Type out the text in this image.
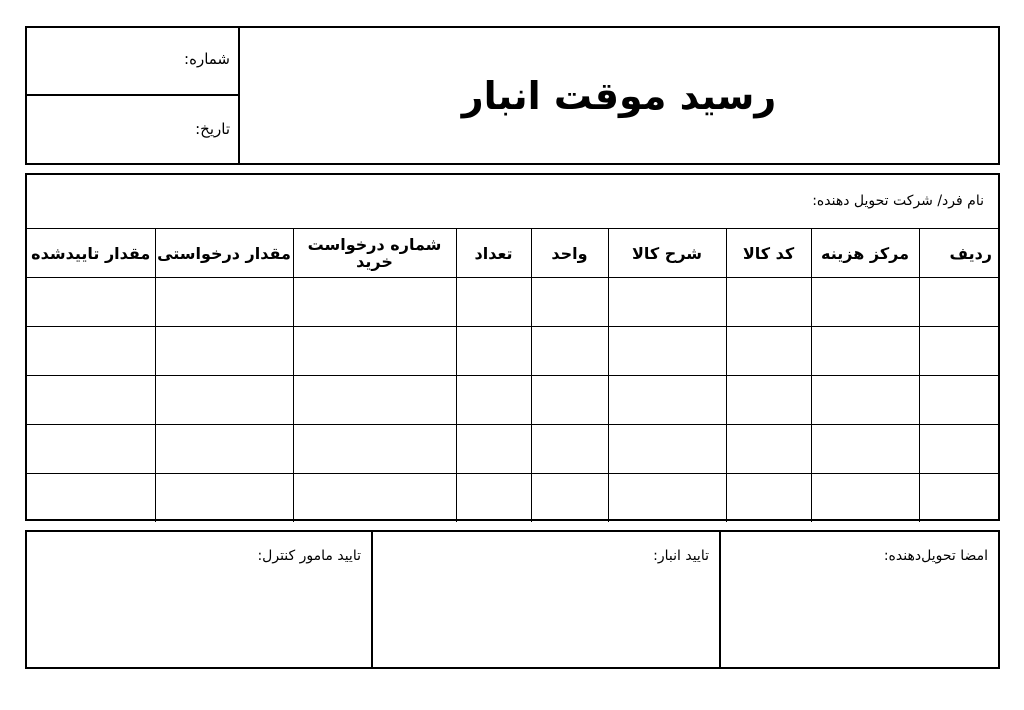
رسید موقت انبار
شماره:
تاریخ:
نام فرد/ شرکت تحویل دهنده:
ردیف	مرکز هزینه	کد کالا	شرح کالا	واحد	تعداد	شماره درخواست خرید	مقدار درخواستی	مقدار تاییدشده

امضا تحویل‌دهنده:
تایید انبار:
تایید مامور کنترل:
